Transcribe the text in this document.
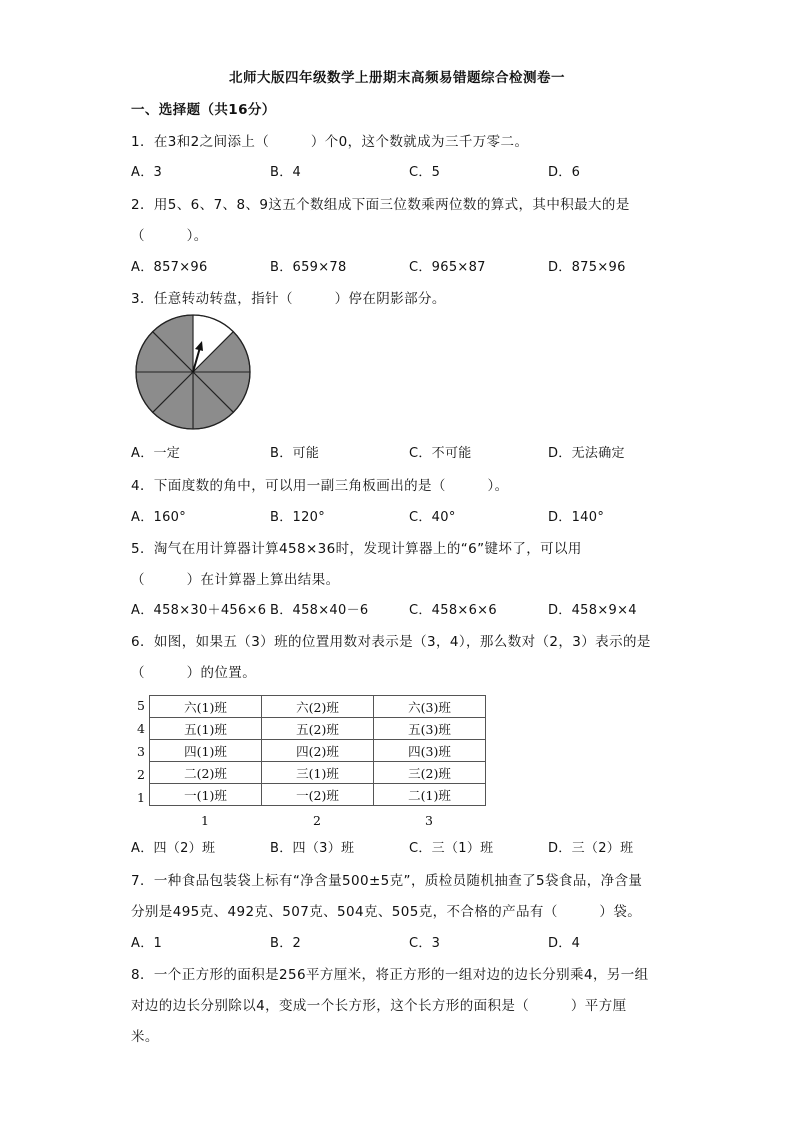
北师大版四年级数学上册期末高频易错题综合检测卷一
一、选择题（共16分）
1．在3和2之间添上（　　　）个0，这个数就成为三千万零二。
A．3	B．4	C．5	D．6
2．用5、6、7、8、9这五个数组成下面三位数乘两位数的算式，其中积最大的是
（　　　）。
A．857×96	B．659×78	C．965×87	D．875×96
3．任意转动转盘，指针（　　　）停在阴影部分。
A．一定	B．可能	C．不可能	D．无法确定
4．下面度数的角中，可以用一副三角板画出的是（　　　）。
A．160°	B．120°	C．40°	D．140°
5．淘气在用计算器计算458×36时，发现计算器上的“6”键坏了，可以用
（　　　）在计算器上算出结果。
A．458×30＋456×6 B．458×40－6	C．458×6×6	D．458×9×4
6．如图，如果五（3）班的位置用数对表示是（3，4），那么数对（2，3）表示的是
（　　　）的位置。
5
4
3
2
1
六(1)班	六(2)班	六(3)班
五(1)班	五(2)班	五(3)班
四(1)班	四(2)班	四(3)班
二(2)班	三(1)班	三(2)班
一(1)班	一(2)班	二(1)班
1	2	3
A．四（2）班	B．四（3）班	C．三（1）班	D．三（2）班
7．一种食品包装袋上标有“净含量500±5克”，质检员随机抽查了5袋食品，净含量
分别是495克、492克、507克、504克、505克，不合格的产品有（　　　）袋。
A．1	B．2	C．3	D．4
8．一个正方形的面积是256平方厘米，将正方形的一组对边的边长分别乘4，另一组
对边的边长分别除以4，变成一个长方形，这个长方形的面积是（　　　）平方厘
米。
